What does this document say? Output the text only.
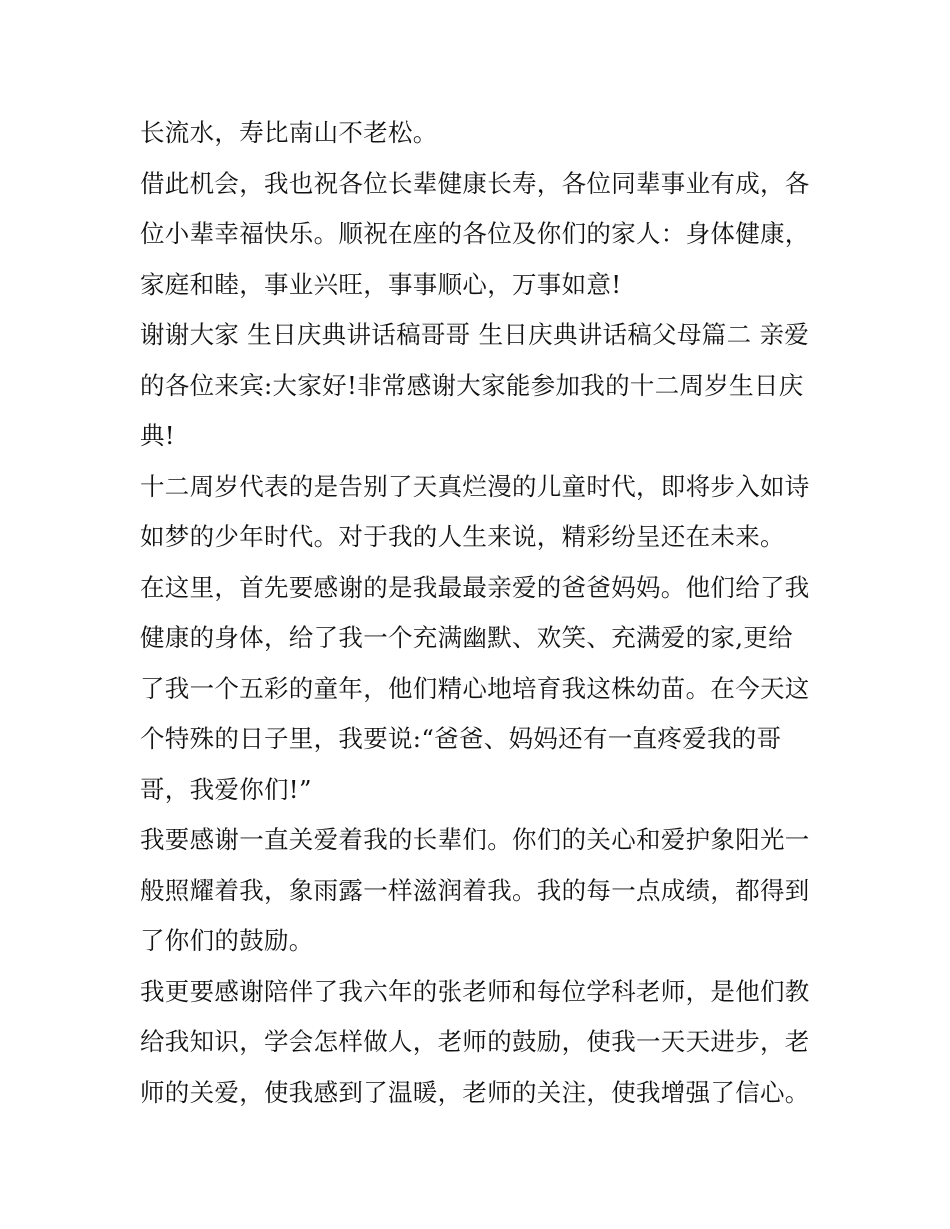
长流水，寿比南山不老松。
借此机会，我也祝各位长辈健康长寿，各位同辈事业有成，各
位小辈幸福快乐。顺祝在座的各位及你们的家人：身体健康，
家庭和睦，事业兴旺，事事顺心，万事如意!
谢谢大家 生日庆典讲话稿哥哥 生日庆典讲话稿父母篇二 亲爱
的各位来宾:大家好!非常感谢大家能参加我的十二周岁生日庆
典!
十二周岁代表的是告别了天真烂漫的儿童时代，即将步入如诗
如梦的少年时代。对于我的人生来说，精彩纷呈还在未来。
在这里，首先要感谢的是我最最亲爱的爸爸妈妈。他们给了我
健康的身体，给了我一个充满幽默、欢笑、充满爱的家,更给
了我一个五彩的童年，他们精心地培育我这株幼苗。在今天这
个特殊的日子里，我要说:“爸爸、妈妈还有一直疼爱我的哥
哥，我爱你们!”
我要感谢一直关爱着我的长辈们。你们的关心和爱护象阳光一
般照耀着我，象雨露一样滋润着我。我的每一点成绩，都得到
了你们的鼓励。
我更要感谢陪伴了我六年的张老师和每位学科老师，是他们教
给我知识，学会怎样做人，老师的鼓励，使我一天天进步，老
师的关爱，使我感到了温暖，老师的关注，使我增强了信心。
